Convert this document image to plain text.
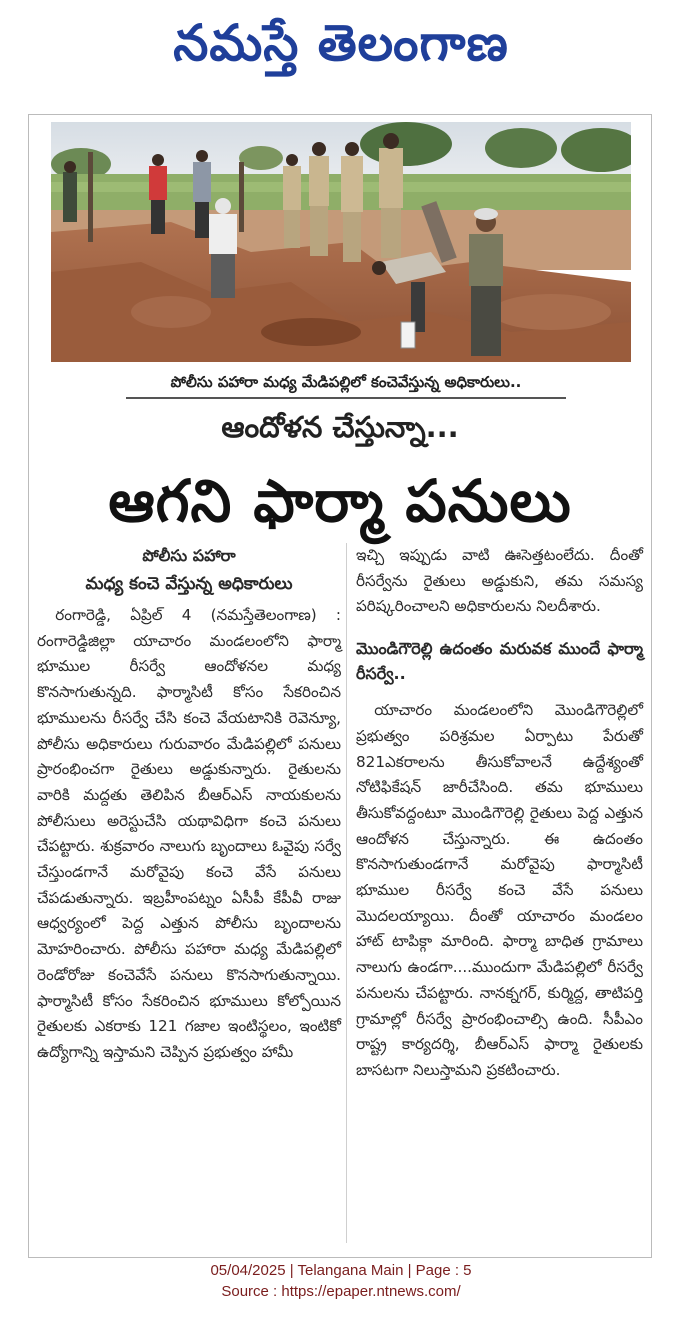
నమస్తే తెలంగాణ
పోలీసు పహారా మధ్య మేడిపల్లిలో కంచెవేస్తున్న అధికారులు..
ఆందోళన చేస్తున్నా...
ఆగని ఫార్మా పనులు
పోలీసు పహారా
మధ్య కంచె వేస్తున్న అధికారులు

రంగారెడ్డి, ఏప్రిల్ 4 (నమస్తేతెలంగాణ) : రంగారెడ్డిజిల్లా యాచారం మండలంలోని ఫార్మా భూముల రీసర్వే ఆందోళనల మధ్య కొనసాగుతున్నది. ఫార్మాసిటీ కోసం సేకరించిన భూములను రీసర్వే చేసి కంచె వేయటానికి రెవెన్యూ, పోలీసు అధికారులు గురువారం మేడిపల్లిలో పనులు ప్రారంభించగా రైతులు అడ్డుకున్నారు. రైతులను వారికి మద్దతు తెలిపిన బీఆర్ఎస్ నాయకులను పోలీసులు అరెస్టుచేసి యథావిధిగా కంచె పనులు చేపట్టారు. శుక్రవారం నాలుగు బృందాలు ఓవైపు సర్వే చేస్తుండగానే మరోవైపు కంచె వేసే పనులు చేపడుతున్నారు. ఇబ్రహీంపట్నం ఏసీపీ కేపీవీ రాజు ఆధ్వర్యంలో పెద్ద ఎత్తున పోలీసు బృందాలను మోహరించారు. పోలీసు పహారా మధ్య మేడిపల్లిలో రెండోరోజు కంచెవేసే పనులు కొనసాగుతున్నాయి. ఫార్మాసిటీ కోసం సేకరించిన భూములు కోల్పోయిన రైతులకు ఎకరాకు 121 గజాల ఇంటిస్థలం, ఇంటికో ఉద్యోగాన్ని ఇస్తామని చెప్పిన ప్రభుత్వం హామీ

ఇచ్చి ఇప్పుడు వాటి ఊసెత్తటంలేదు. దీంతో రీసర్వేను రైతులు అడ్డుకుని, తమ సమస్య పరిష్కరించాలని అధికారులను నిలదీశారు.

మొండిగౌరెల్లి ఉదంతం మరువక ముందే ఫార్మా రీసర్వే..

యాచారం మండలంలోని మొండిగౌరెల్లిలో ప్రభుత్వం పరిశ్రమల ఏర్పాటు పేరుతో 821ఎకరాలను తీసుకోవాలనే ఉద్దేశ్యంతో నోటిఫికేషన్ జారీచేసింది. తమ భూములు తీసుకోవద్దంటూ మొండిగౌరెల్లి రైతులు పెద్ద ఎత్తున ఆందోళన చేస్తున్నారు. ఈ ఉదంతం కొనసాగుతుండగానే మరోవైపు ఫార్మాసిటీ భూముల రీసర్వే కంచె వేసే పనులు మొదలయ్యాయి. దీంతో యాచారం మండలం హాట్ టాపిక్గా మారింది. ఫార్మా బాధిత గ్రామాలు నాలుగు ఉండగా....ముందుగా మేడిపల్లిలో రీసర్వే పనులను చేపట్టారు. నానక్నగర్, కుర్మిద్ద, తాటిపర్తి గ్రామాల్లో రీసర్వే ప్రారంభించాల్సి ఉంది. సీపీఎం రాష్ట్ర కార్యదర్శి, బీఆర్ఎస్ ఫార్మా రైతులకు బాసటగా నిలుస్తామని ప్రకటించారు.

05/04/2025 | Telangana Main | Page : 5
Source : https://epaper.ntnews.com/
